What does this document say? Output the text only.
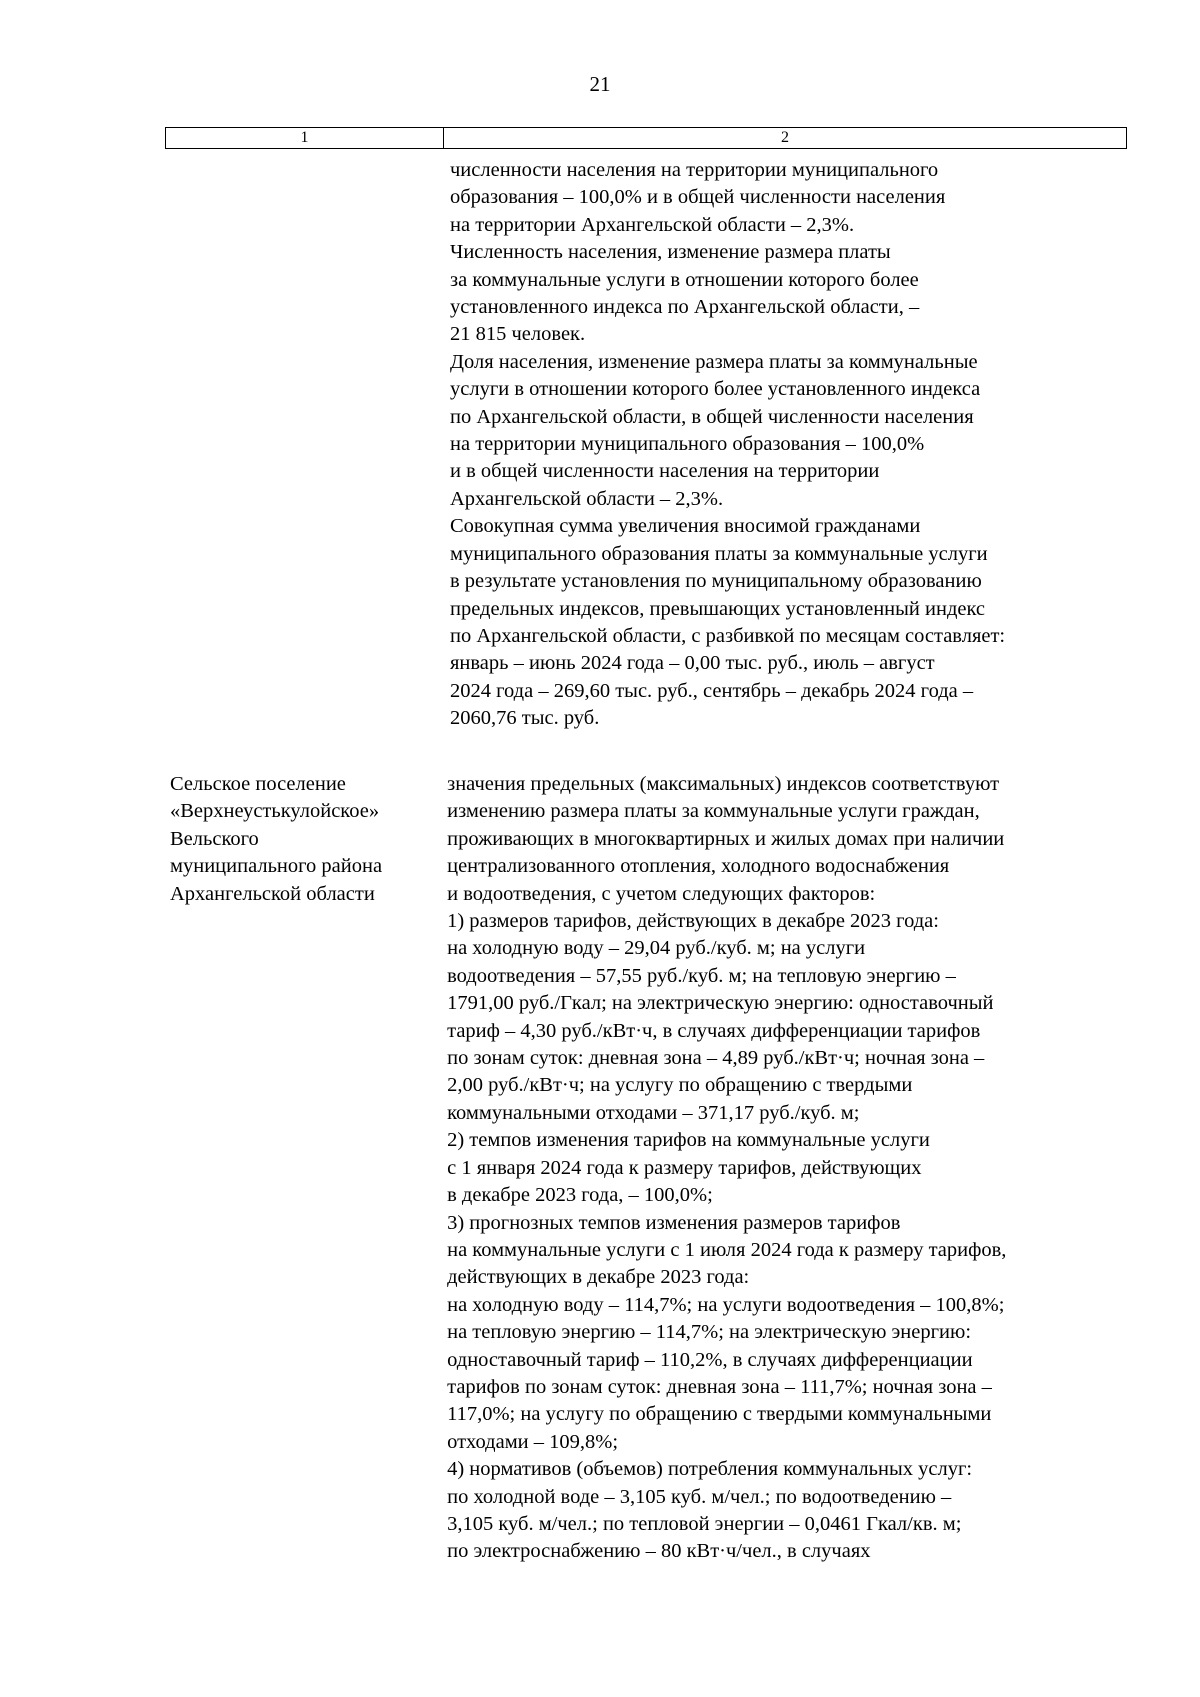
21
1	2
численности населения на территории муниципального
образования – 100,0% и в общей численности населения
на территории Архангельской области – 2,3%.
Численность населения, изменение размера платы
за коммунальные услуги в отношении которого более
установленного индекса по Архангельской области, –
21 815 человек.
Доля населения, изменение размера платы за коммунальные
услуги в отношении которого более установленного индекса
по Архангельской области, в общей численности населения
на территории муниципального образования – 100,0%
и в общей численности населения на территории
Архангельской области – 2,3%.
Совокупная сумма увеличения вносимой гражданами
муниципального образования платы за коммунальные услуги
в результате установления по муниципальному образованию
предельных индексов, превышающих установленный индекс
по Архангельской области, с разбивкой по месяцам составляет:
январь – июнь 2024 года – 0,00 тыс. руб., июль – август
2024 года – 269,60 тыс. руб., сентябрь – декабрь 2024 года –
2060,76 тыс. руб.
Сельское поселение
«Верхнеустькулойское»
Вельского
муниципального района
Архангельской области
значения предельных (максимальных) индексов соответствуют
изменению размера платы за коммунальные услуги граждан,
проживающих в многоквартирных и жилых домах при наличии
централизованного отопления, холодного водоснабжения
и водоотведения, с учетом следующих факторов:
1) размеров тарифов, действующих в декабре 2023 года:
на холодную воду – 29,04 руб./куб. м; на услуги
водоотведения – 57,55 руб./куб. м; на тепловую энергию –
1791,00 руб./Гкал; на электрическую энергию: одноставочный
тариф – 4,30 руб./кВт·ч, в случаях дифференциации тарифов
по зонам суток: дневная зона – 4,89 руб./кВт·ч; ночная зона –
2,00 руб./кВт·ч; на услугу по обращению с твердыми
коммунальными отходами – 371,17 руб./куб. м;
2) темпов изменения тарифов на коммунальные услуги
с 1 января 2024 года к размеру тарифов, действующих
в декабре 2023 года, – 100,0%;
3) прогнозных темпов изменения размеров тарифов
на коммунальные услуги с 1 июля 2024 года к размеру тарифов,
действующих в декабре 2023 года:
на холодную воду – 114,7%; на услуги водоотведения – 100,8%;
на тепловую энергию – 114,7%; на электрическую энергию:
одноставочный тариф – 110,2%, в случаях дифференциации
тарифов по зонам суток: дневная зона – 111,7%; ночная зона –
117,0%; на услугу по обращению с твердыми коммунальными
отходами – 109,8%;
4) нормативов (объемов) потребления коммунальных услуг:
по холодной воде – 3,105 куб. м/чел.; по водоотведению –
3,105 куб. м/чел.; по тепловой энергии – 0,0461 Гкал/кв. м;
по электроснабжению – 80 кВт·ч/чел., в случаях
